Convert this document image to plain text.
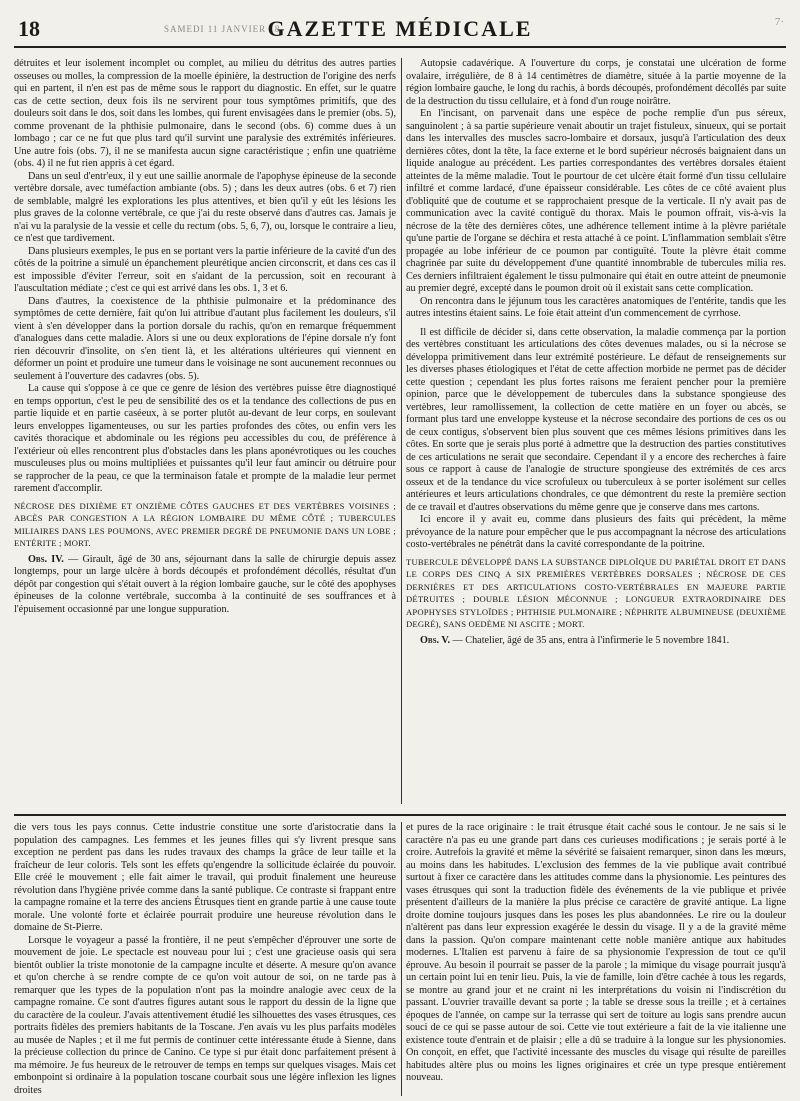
18	SAMEDI 11 JANVIER 18
GAZETTE MÉDICALE	7·

détruites et leur isolement incomplet ou complet, au milieu du détritus des autres parties osseuses ou molles, la compression de la moelle épinière, la destruction de l'origine des nerfs qui en partent, il n'en est pas de même sous le rapport du diagnostic. En effet, sur le quatre cas de cette section, deux fois ils ne servirent pour tous symptômes primitifs, que des douleurs soit dans le dos, soit dans les lombes, qui furent envisagées dans le premier (obs. 5), comme provenant de la phthisie pulmonaire, dans le second (obs. 6) comme dues à un lombago ; car ce ne fut que plus tard qu'il survint une paralysie des extrémités inférieures. Une autre fois (obs. 7), il ne se manifesta aucun signe caractéristique ; enfin une quatrième (obs. 4) il ne fut rien appris à cet égard.

Dans un seul d'entr'eux, il y eut une saillie anormale de l'apophyse épineuse de la seconde vertèbre dorsale, avec tuméfaction ambiante (obs. 5) ; dans les deux autres (obs. 6 et 7) rien de semblable, malgré les explorations les plus attentives, et bien qu'il y eût les lésions les plus graves de la colonne vertébrale, ce que j'ai du reste observé dans d'autres cas. Jamais je n'ai vu la paralysie de la vessie et celle du rectum (obs. 5, 6, 7), ou, lorsque le contraire a lieu, ce n'est que tardivement.

Dans plusieurs exemples, le pus en se portant vers la partie inférieure de la cavité d'un des côtés de la poitrine a simulé un épanchement pleurétique ancien circonscrit, et dans ces cas il est impossible d'éviter l'erreur, soit en s'aidant de la percussion, soit en recourant à l'auscultation médiate ; c'est ce qui est arrivé dans les obs. 1, 3 et 6.

Dans d'autres, la coexistence de la phthisie pulmonaire et la prédominance des symptômes de cette dernière, fait qu'on lui attribue d'autant plus facilement les douleurs, s'il vient à s'en développer dans la portion dorsale du rachis, qu'on en remarque fréquemment d'analogues dans cette maladie. Alors si une ou deux explorations de l'épine dorsale n'y font rien découvrir d'insolite, on s'en tient là, et les altérations ultérieures qui viennent en déformer un point et produire une tumeur dans le voisinage ne sont aucunement reconnues ou seulement à l'ouverture des cadavres (obs. 5).

La cause qui s'oppose à ce que ce genre de lésion des vertèbres puisse être diagnostiqué en temps opportun, c'est le peu de sensibilité des os et la tendance des collections de pus en partie liquide et en partie caséeux, à se porter plutôt au-devant de leur corps, en soulevant leurs enveloppes ligamenteuses, ou sur les parties profondes des côtes, ou enfin vers les cavités thoracique et abdominale ou les régions peu accessibles du cou, de préférence à l'extérieur où elles rencontrent plus d'obstacles dans les plans aponévrotiques ou les couches musculeuses plus ou moins multipliées et puissantes qu'il leur faut amincir ou détruire pour se rapprocher de la peau, ce que la terminaison fatale et prompte de la maladie leur permet rarement d'accomplir.

NÉCROSE DES DIXIÈME ET ONZIÈME CÔTES GAUCHES ET DES VERTÈBRES VOISINES ; ABCÈS PAR CONGESTION A LA RÉGION LOMBAIRE DU MÊME CÔTÉ ; TUBERCULES MILIAIRES DANS LES POUMONS, AVEC PREMIER DEGRÉ DE PNEUMONIE DANS UN LOBE ; ENTÉRITE ; MORT.

Obs. IV. — Girault, âgé de 30 ans, séjournant dans la salle de chirurgie depuis assez longtemps, pour un large ulcère à bords découpés et profondément décollés, résultat d'un dépôt par congestion qui s'était ouvert à la région lombaire gauche, sur le côté des apophyses épineuses de la colonne vertébrale, succomba à la continuité de ses souffrances et à l'épuisement occasionné par une longue suppuration.

Autopsie cadavérique. A l'ouverture du corps, je constatai une ulcération de forme ovalaire, irrégulière, de 8 à 14 centimètres de diamètre, située à la partie moyenne de la région lombaire gauche, le long du rachis, à bords découpés, profondément décollés par suite de la destruction du tissu cellulaire, et à fond d'un rouge noirâtre.

En l'incisant, on parvenait dans une espèce de poche remplie d'un pus séreux, sanguinolent ; à sa partie supérieure venait aboutir un trajet fistuleux, sinueux, qui se portait dans les intervalles des muscles sacro-lombaire et dorsaux, jusqu'à l'articulation des deux dernières côtes, dont la tête, la face externe et le bord supérieur nécrosés baignaient dans un liquide analogue au précédent. Les parties correspondantes des vertèbres dorsales étaient atteintes de la même maladie. Tout le pourtour de cet ulcère était formé d'un tissu cellulaire infiltré et comme lardacé, d'une épaisseur considérable. Les côtes de ce côté avaient plus d'obliquité que de coutume et se rapprochaient presque de la verticale. Il n'y avait pas de communication avec la cavité contiguë du thorax. Mais le poumon offrait, vis-à-vis la nécrose de la tête des dernières côtes, une adhérence tellement intime à la plèvre pariétale qu'une partie de l'organe se déchira et resta attaché à ce point. L'inflammation semblait s'être propagée au lobe inférieur de ce poumon par contiguïté. Toute la plèvre était comme chagrinée par suite du développement d'une quantité innombrable de tubercules milia res. Ces derniers infiltraient également le tissu pulmonaire qui était en outre atteint de pneumonie au premier degré, excepté dans le poumon droit où il existait sans cette complication.

On rencontra dans le jéjunum tous les caractères anatomiques de l'entérite, tandis que les autres intestins étaient sains. Le foie était atteint d'un commencement de cyrrhose.

Il est difficile de décider si, dans cette observation, la maladie commença par la portion des vertèbres constituant les articulations des côtes devenues malades, ou si la nécrose se développa primitivement dans leur extrémité postérieure. Le défaut de renseignements sur les diverses phases étiologiques et l'état de cette affection morbide ne permet pas de décider cette question ; cependant les plus fortes raisons me feraient pencher pour la première opinion, parce que le développement de tubercules dans la substance spongieuse des vertèbres, leur ramollissement, la collection de cette matière en un foyer ou abcès, se formant plus tard une enveloppe kysteuse et la nécrose secondaire des portions de ces os ou de ceux contigus, s'observent bien plus souvent que ces mêmes lésions primitives dans les côtes. En sorte que je serais plus porté à admettre que la destruction des parties constitutives de ces articulations ne serait que secondaire. Cependant il y a encore des recherches à faire sous ce rapport à cause de l'analogie de structure spongieuse des extrémités de ces arcs osseux et de la tendance du vice scrofuleux ou tuberculeux à se porter isolément sur celles antérieures et leurs articulations chondrales, ce que démontrent du reste la première section de ce travail et d'autres observations du même genre que je conserve dans mes cartons.

Ici encore il y avait eu, comme dans plusieurs des faits qui précèdent, la même prévoyance de la nature pour empêcher que le pus accompagnant la nécrose des articulations costo-vertébrales ne pénétrât dans la cavité correspondante de la poitrine.

TUBERCULE DÉVELOPPÉ DANS LA SUBSTANCE DIPLOÏQUE DU PARIÉTAL DROIT ET DANS LE CORPS DES CINQ A SIX PREMIÈRES VERTÈBRES DORSALES ; NÉCROSE DE CES DERNIÈRES ET DES ARTICULATIONS COSTO-VERTÉBRALES EN MAJEURE PARTIE DÉTRUITES ; DOUBLE LÉSION MÉCONNUE ; LONGUEUR EXTRAORDINAIRE DES APOPHYSES STYLOÏDES ; PHTHISIE PULMONAIRE ; NÉPHRITE ALBUMINEUSE (DEUXIÈME DEGRÉ), SANS OEDÈME NI ASCITE ; MORT.

Obs. V. — Chatelier, âgé de 35 ans, entra à l'infirmerie le 5 novembre 1841.

die vers tous les pays connus. Cette industrie constitue une sorte d'aristocratie dans la population des campagnes. Les femmes et les jeunes filles qui s'y livrent presque sans exception ne perdent pas dans les rudes travaux des champs la grâce de leur taille et la fraîcheur de leur coloris. Tels sont les effets qu'engendre la sollicitude éclairée du pouvoir. Elle créé le mouvement ; elle fait aimer le travail, qui produit finalement une heureuse révolution dans l'hygiène privée comme dans la santé publique. Ce contraste si frappant entre la campagne romaine et la terre des anciens Étrusques tient en grande partie à une cause toute morale. Une volonté forte et éclairée pourrait produire une heureuse révolution dans le domaine de St-Pierre.

Lorsque le voyageur a passé la frontière, il ne peut s'empêcher d'éprouver une sorte de mouvement de joie. Le spectacle est nouveau pour lui ; c'est une gracieuse oasis qui sera bientôt oublier la triste monotonie de la campagne inculte et déserte. A mesure qu'on avance et qu'on cherche à se rendre compte de ce qu'on voit autour de soi, on ne tarde pas à remarquer que les types de la population n'ont pas la moindre analogie avec ceux de la campagne romaine. Ce sont d'autres figures autant sous le rapport du dessin de la ligne que du caractère de la couleur. J'avais attentivement étudié les silhouettes des vases étrusques, ces portraits fidèles des premiers habitants de la Toscane. J'en avais vu les plus parfaits modèles au musée de Naples ; et il me fut permis de continuer cette intéressante étude à Sienne, dans la précieuse collection du prince de Canino. Ce type si pur était donc parfaitement présent à ma mémoire. Je fus heureux de le retrouver de temps en temps sur quelques visages. Mais cet embonpoint si ordinaire à la population toscane courbait sous une légère inflexion les lignes droites

et pures de la race originaire : le trait étrusque était caché sous le contour. Je ne sais si le caractère n'a pas eu une grande part dans ces curieuses modifications ; je serais porté à le croire. Autrefois la gravité et même la sévérité se faisaient remarquer, sinon dans les mœurs, au moins dans les habitudes. L'exclusion des femmes de la vie publique avait contribué surtout à fixer ce caractère dans les attitudes comme dans la physionomie. Les peintures des vases étrusques qui sont la traduction fidèle des événements de la vie publique et privée présentent d'ailleurs de la manière la plus précise ce caractère de gravité antique. La ligne droite domine toujours jusques dans les poses les plus abandonnées. Le rire ou la douleur n'altèrent pas dans leur expression exagérée le dessin du visage. Il y a de la gravité même dans la passion. Qu'on compare maintenant cette noble manière antique aux habitudes modernes. L'Italien est parvenu à faire de sa physionomie l'expression de tout ce qu'il éprouve. Au besoin il pourrait se passer de la parole ; la mimique du visage pourrait jusqu'à un certain point lui en tenir lieu. Puis, la vie de famille, loin d'être cachée à tous les regards, se montre au grand jour et ne craint ni les interprétations du voisin ni l'indiscrétion du passant. L'ouvrier travaille devant sa porte ; la table se dresse sous la treille ; et à certaines époques de l'année, on campe sur la terrasse qui sert de toiture au logis sans prendre aucun souci de ce qui se passe autour de soi. Cette vie tout extérieure a fait de la vie italienne une existence toute d'entrain et de plaisir ; elle a dû se traduire à la longue sur les physionomies. On conçoit, en effet, que l'activité incessante des muscles du visage qui résulte de pareilles habitudes altère plus ou moins les lignes originaires et crée un type presque entièrement nouveau.
